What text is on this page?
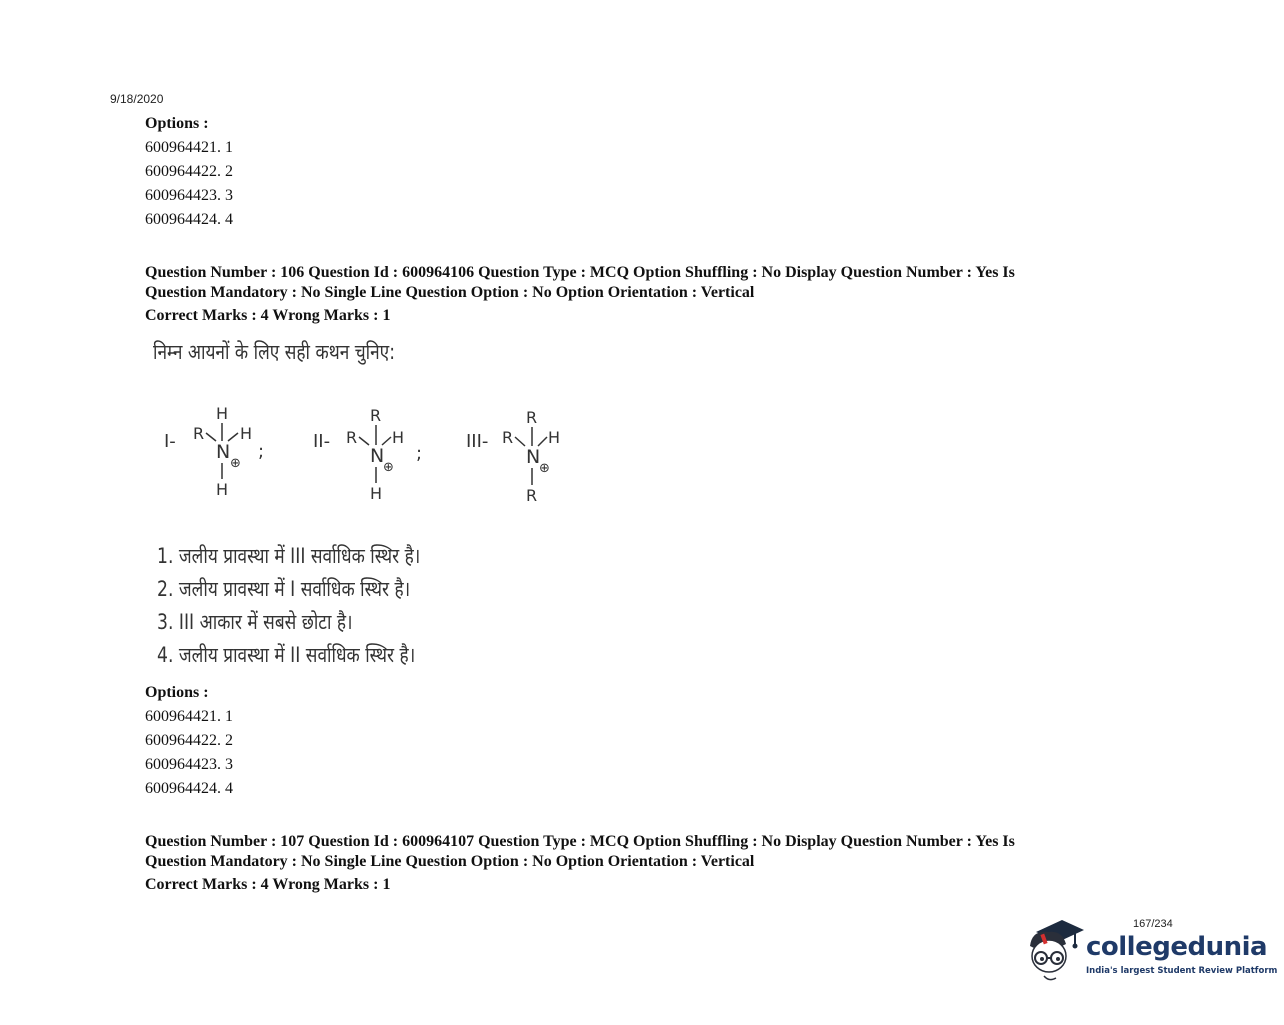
9/18/2020
Options :
600964421. 1
600964422. 2
600964423. 3
600964424. 4
Question Number : 106 Question Id : 600964106 Question Type : MCQ Option Shuffling : No Display Question Number : Yes Is
Question Mandatory : No Single Line Question Option : No Option Orientation : Vertical
Correct Marks : 4 Wrong Marks : 1
निम्न आयनों के लिए सही कथन चुनिए:
I-
H
R H
N
⊕
H
;	II-
R
R H
N
⊕
H
;
III-
R
R H
N
⊕
R
1. जलीय प्रावस्था में III सर्वाधिक स्थिर है।
2. जलीय प्रावस्था में I सर्वाधिक स्थिर है।
3. III आकार में सबसे छोटा है।
4. जलीय प्रावस्था में II सर्वाधिक स्थिर है।
Options :
600964421. 1
600964422. 2
600964423. 3
600964424. 4
Question Number : 107 Question Id : 600964107 Question Type : MCQ Option Shuffling : No Display Question Number : Yes Is
Question Mandatory : No Single Line Question Option : No Option Orientation : Vertical
Correct Marks : 4 Wrong Marks : 1
167/234
collegedunia
India's largest Student Review Platform
